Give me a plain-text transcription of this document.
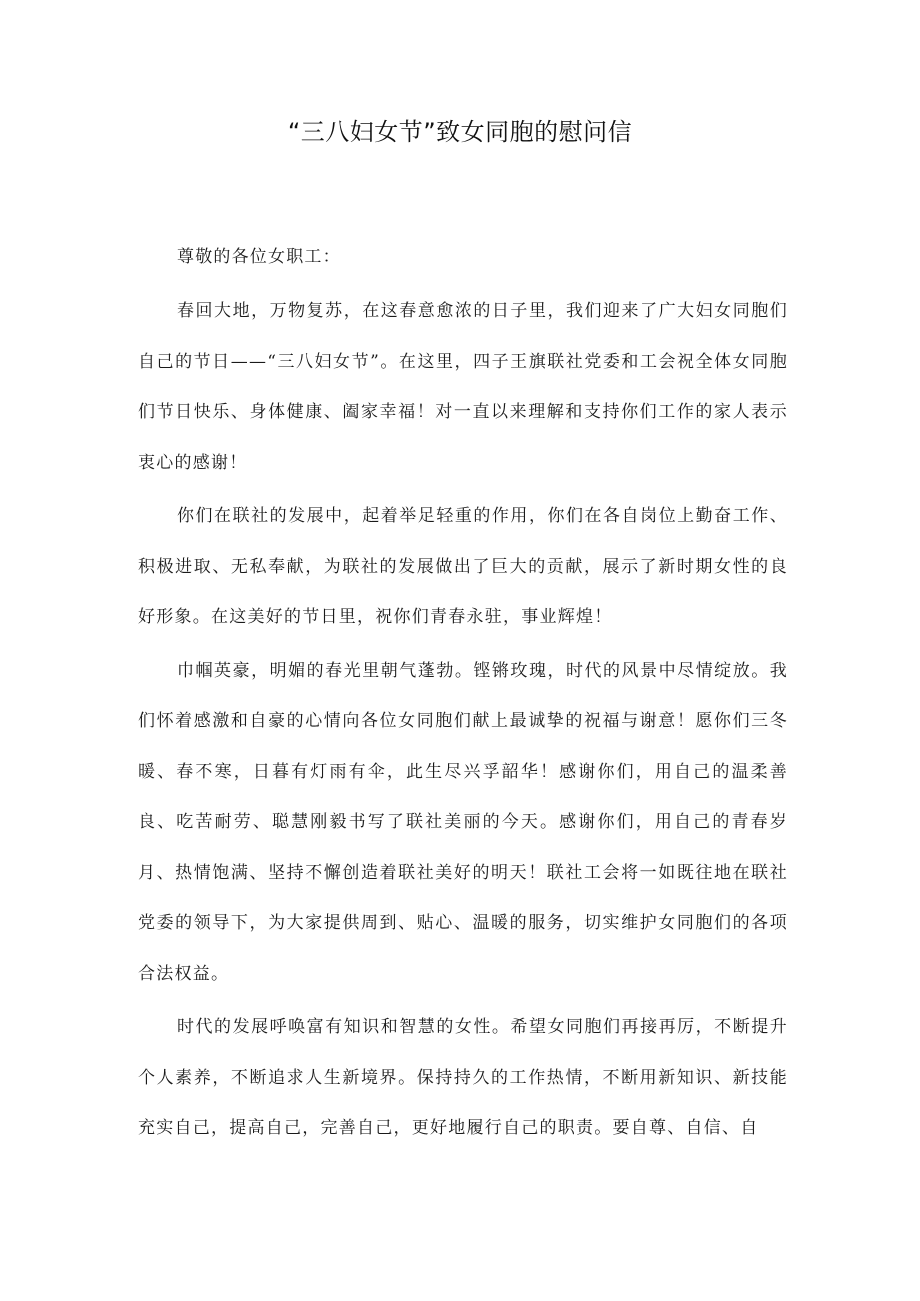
“三八妇女节”致女同胞的慰问信

尊敬的各位女职工：

春回大地，万物复苏，在这春意愈浓的日子里，我们迎来了广大妇女同胞们自己的节日——“三八妇女节”。在这里，四子王旗联社党委和工会祝全体女同胞们节日快乐、身体健康、阖家幸福！对一直以来理解和支持你们工作的家人表示衷心的感谢！

你们在联社的发展中，起着举足轻重的作用，你们在各自岗位上勤奋工作、积极进取、无私奉献，为联社的发展做出了巨大的贡献，展示了新时期女性的良好形象。在这美好的节日里，祝你们青春永驻，事业辉煌！

巾帼英豪，明媚的春光里朝气蓬勃。铿锵玫瑰，时代的风景中尽情绽放。我们怀着感激和自豪的心情向各位女同胞们献上最诚挚的祝福与谢意！愿你们三冬暖、春不寒，日暮有灯雨有伞，此生尽兴孚韶华！感谢你们，用自己的温柔善良、吃苦耐劳、聪慧刚毅书写了联社美丽的今天。感谢你们，用自己的青春岁月、热情饱满、坚持不懈创造着联社美好的明天！联社工会将一如既往地在联社党委的领导下，为大家提供周到、贴心、温暖的服务，切实维护女同胞们的各项合法权益。

时代的发展呼唤富有知识和智慧的女性。希望女同胞们再接再厉，不断提升个人素养，不断追求人生新境界。保持持久的工作热情，不断用新知识、新技能充实自己，提高自己，完善自己，更好地履行自己的职责。要自尊、自信、自
